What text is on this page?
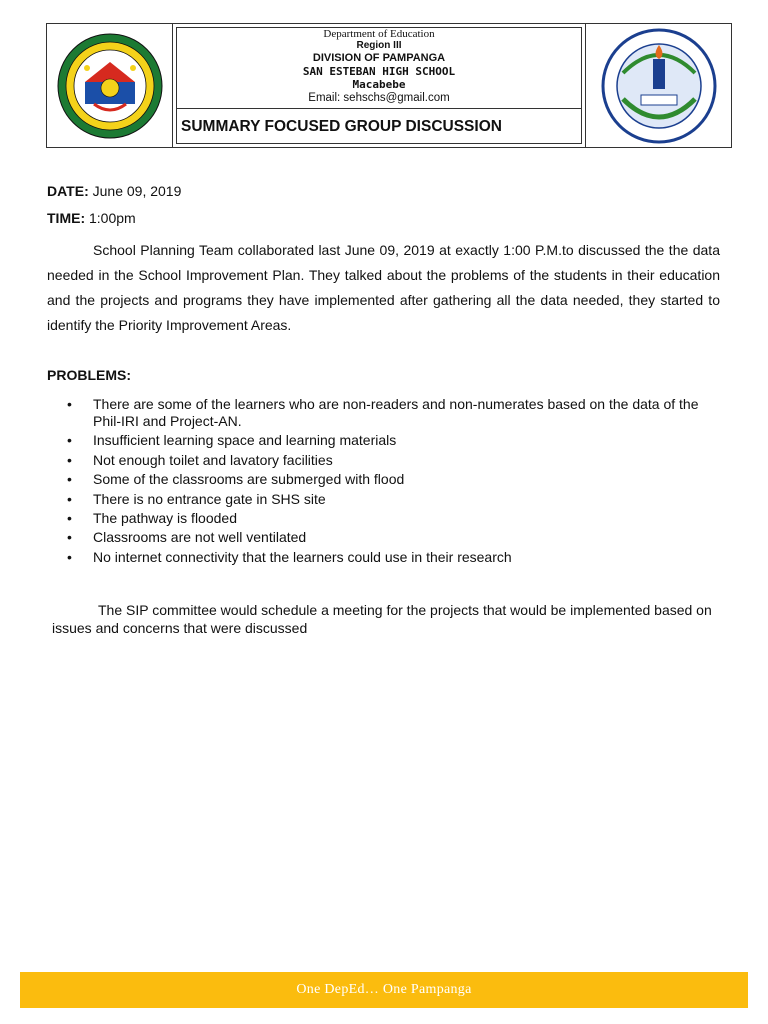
Department of Education
Region III
DIVISION OF PAMPANGA
SAN ESTEBAN HIGH SCHOOL
Macabebe
Email: sehschs@gmail.com
SUMMARY FOCUSED GROUP DISCUSSION
DATE: June 09, 2019
TIME: 1:00pm
School Planning Team collaborated last June 09, 2019 at exactly 1:00 P.M.to discussed the the data needed in the School Improvement Plan. They talked about the problems of the students in their education and the projects and programs they have implemented after gathering all the data needed, they started to identify the Priority Improvement Areas.
PROBLEMS:
• There are some of the learners who are non-readers and non-numerates based on the data of the Phil-IRI and Project-AN.
• Insufficient learning space and learning materials
• Not enough toilet and lavatory facilities
• Some of the classrooms are submerged with flood
• There is no entrance gate in SHS site
• The pathway is flooded
• Classrooms are not well ventilated
• No internet connectivity that the learners could use in their research
The SIP committee would schedule a meeting for the projects that would be implemented based on issues and concerns that were discussed
One DepEd… One Pampanga
